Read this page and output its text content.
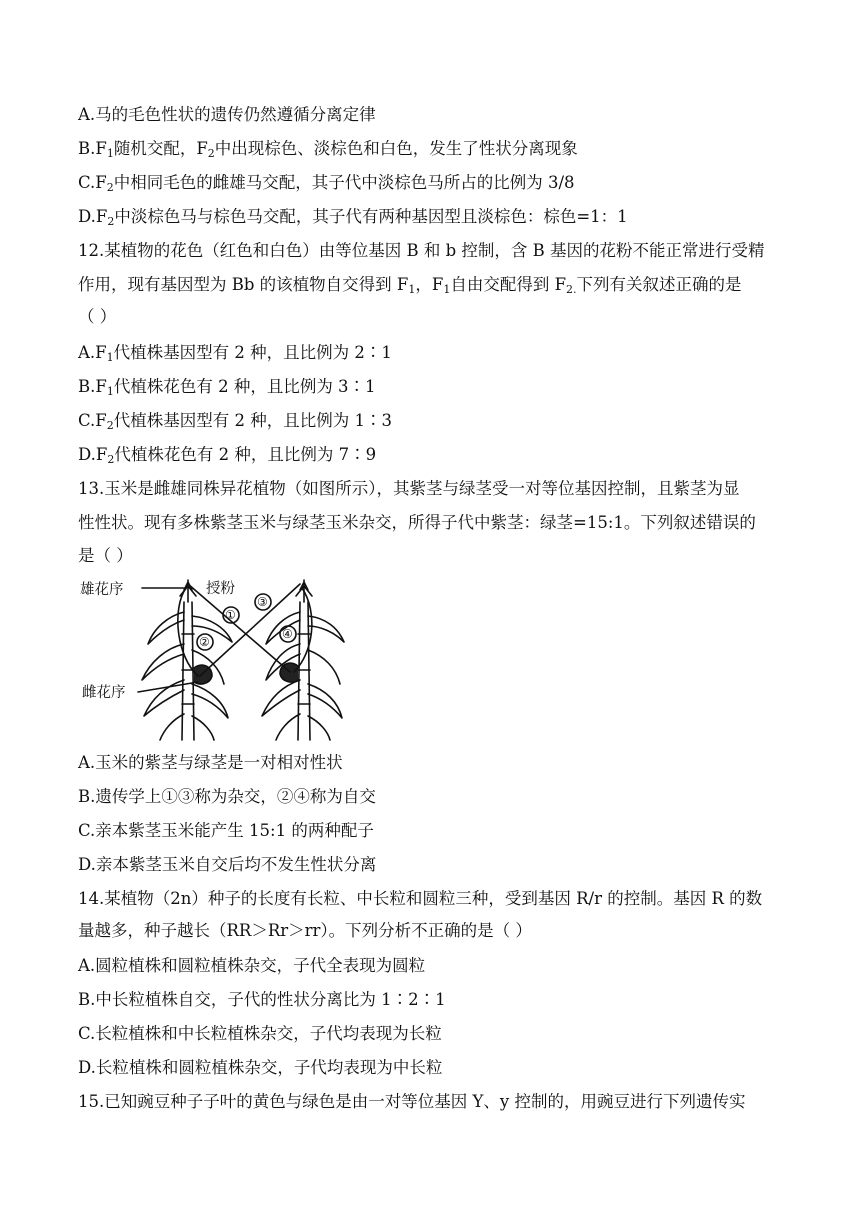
A.马的毛色性状的遗传仍然遵循分离定律
$B.F_1$随机交配，$F_2$中出现棕色、淡棕色和白色，发生了性状分离现象
$C.F_2$中相同毛色的雌雄马交配，其子代中淡棕色马所占的比例为 3/8
$D.F_2$中淡棕色马与棕色马交配，其子代有两种基因型且淡棕色：棕色=1：1
12.某植物的花色（红色和白色）由等位基因 B 和 b 控制，含 B 基因的花粉不能正常进行受精
作用，现有基因型为 Bb 的该植物自交得到 $F_1$，$F_1$自由交配得到 $F_{2.}$下列有关叙述正确的是
（ ）
$A.F_1$代植株基因型有 2 种，且比例为 2∶1
$B.F_1$代植株花色有 2 种，且比例为 3∶1
$C.F_2$代植株基因型有 2 种，且比例为 1∶3
$D.F_2$代植株花色有 2 种，且比例为 7∶9
13.玉米是雌雄同株异花植物（如图所示），其紫茎与绿茎受一对等位基因控制，且紫茎为显
性性状。现有多株紫茎玉米与绿茎玉米杂交，所得子代中紫茎：绿茎=15:1。下列叙述错误的
是（ ）
雄花序	授粉
雌花序
①
②
③
④
A.玉米的紫茎与绿茎是一对相对性状
B.遗传学上①③称为杂交，②④称为自交
C.亲本紫茎玉米能产生 15:1 的两种配子
D.亲本紫茎玉米自交后均不发生性状分离
14.某植物（2n）种子的长度有长粒、中长粒和圆粒三种，受到基因 R/r 的控制。基因 R 的数
量越多，种子越长（RR＞Rr＞rr）。下列分析不正确的是（ ）
A.圆粒植株和圆粒植株杂交，子代全表现为圆粒
B.中长粒植株自交，子代的性状分离比为 1∶2∶1
C.长粒植株和中长粒植株杂交，子代均表现为长粒
D.长粒植株和圆粒植株杂交，子代均表现为中长粒
15.已知豌豆种子子叶的黄色与绿色是由一对等位基因 Y、y 控制的，用豌豆进行下列遗传实
